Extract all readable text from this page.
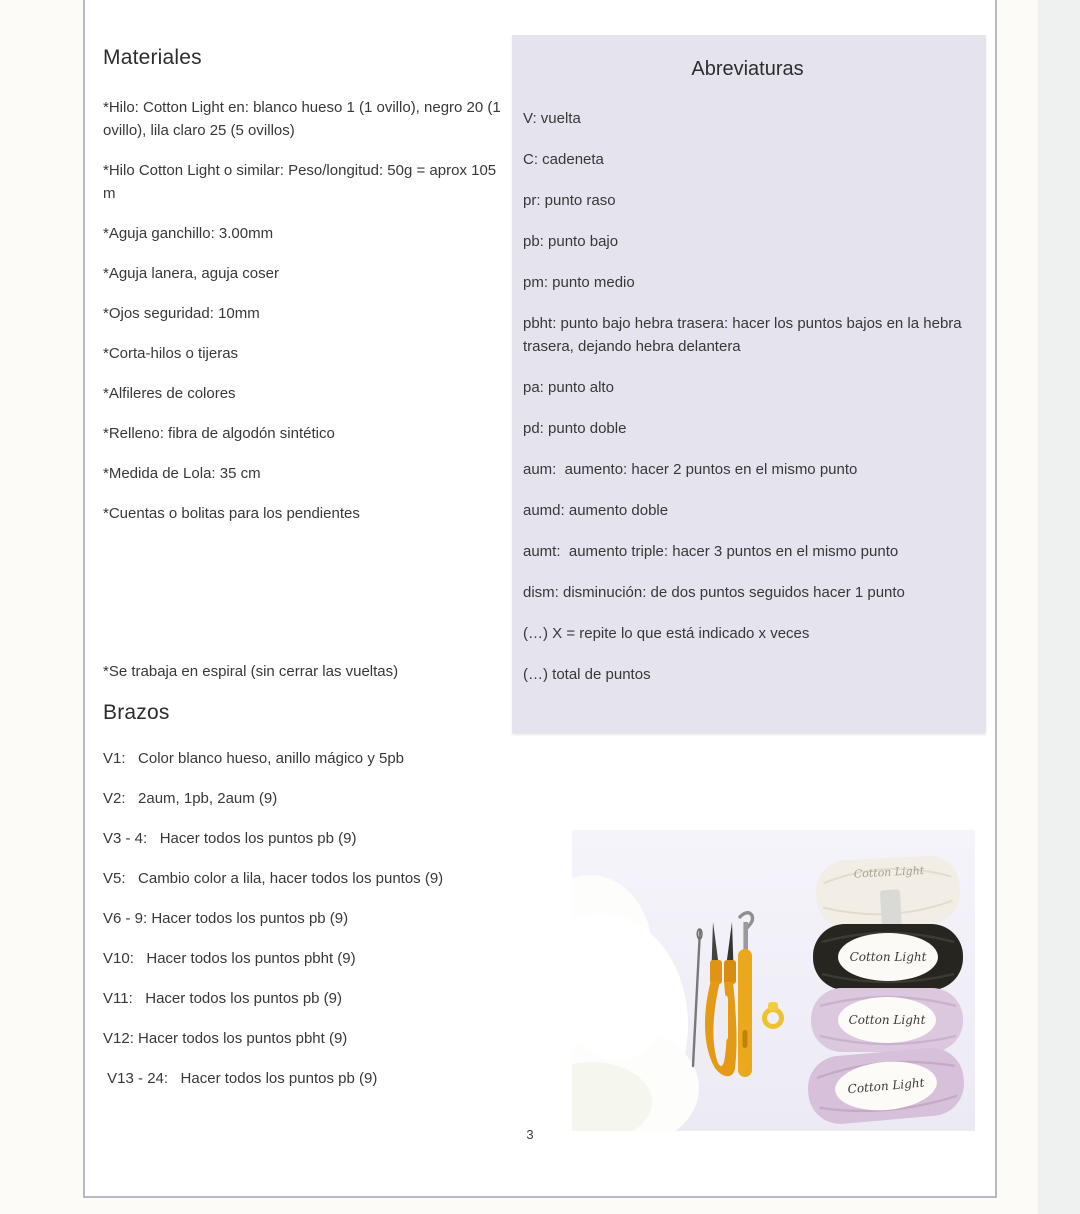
Materiales

*Hilo: Cotton Light en: blanco hueso 1 (1 ovillo), negro 20 (1 ovillo), lila claro 25 (5 ovillos)

*Hilo Cotton Light o similar: Peso/longitud: 50g = aprox 105 m

*Aguja ganchillo: 3.00mm

*Aguja lanera, aguja coser

*Ojos seguridad: 10mm

*Corta-hilos o tijeras

*Alfileres de colores

*Relleno: fibra de algodón sintético

*Medida de Lola: 35 cm

*Cuentas o bolitas para los pendientes

*Se trabaja en espiral (sin cerrar las vueltas)

Brazos

V1:   Color blanco hueso, anillo mágico y 5pb

V2:   2aum, 1pb, 2aum (9)

V3 - 4:   Hacer todos los puntos pb (9)

V5:   Cambio color a lila, hacer todos los puntos (9)

V6 - 9: Hacer todos los puntos pb (9)

V10:   Hacer todos los puntos pbht (9)

V11:   Hacer todos los puntos pb (9)

V12: Hacer todos los puntos pbht (9)

V13 - 24:   Hacer todos los puntos pb (9)

Abreviaturas

V: vuelta

C: cadeneta

pr: punto raso

pb: punto bajo

pm: punto medio

pbht: punto bajo hebra trasera: hacer los puntos bajos en la hebra trasera, dejando hebra delantera

pa: punto alto

pd: punto doble

aum:  aumento: hacer 2 puntos en el mismo punto

aumd: aumento doble

aumt:  aumento triple: hacer 3 puntos en el mismo punto

dism: disminución: de dos puntos seguidos hacer 1 punto

(…) X = repite lo que está indicado x veces

(…) total de puntos

Cotton Light
Cotton Light
Cotton Light
Cotton Light
3
